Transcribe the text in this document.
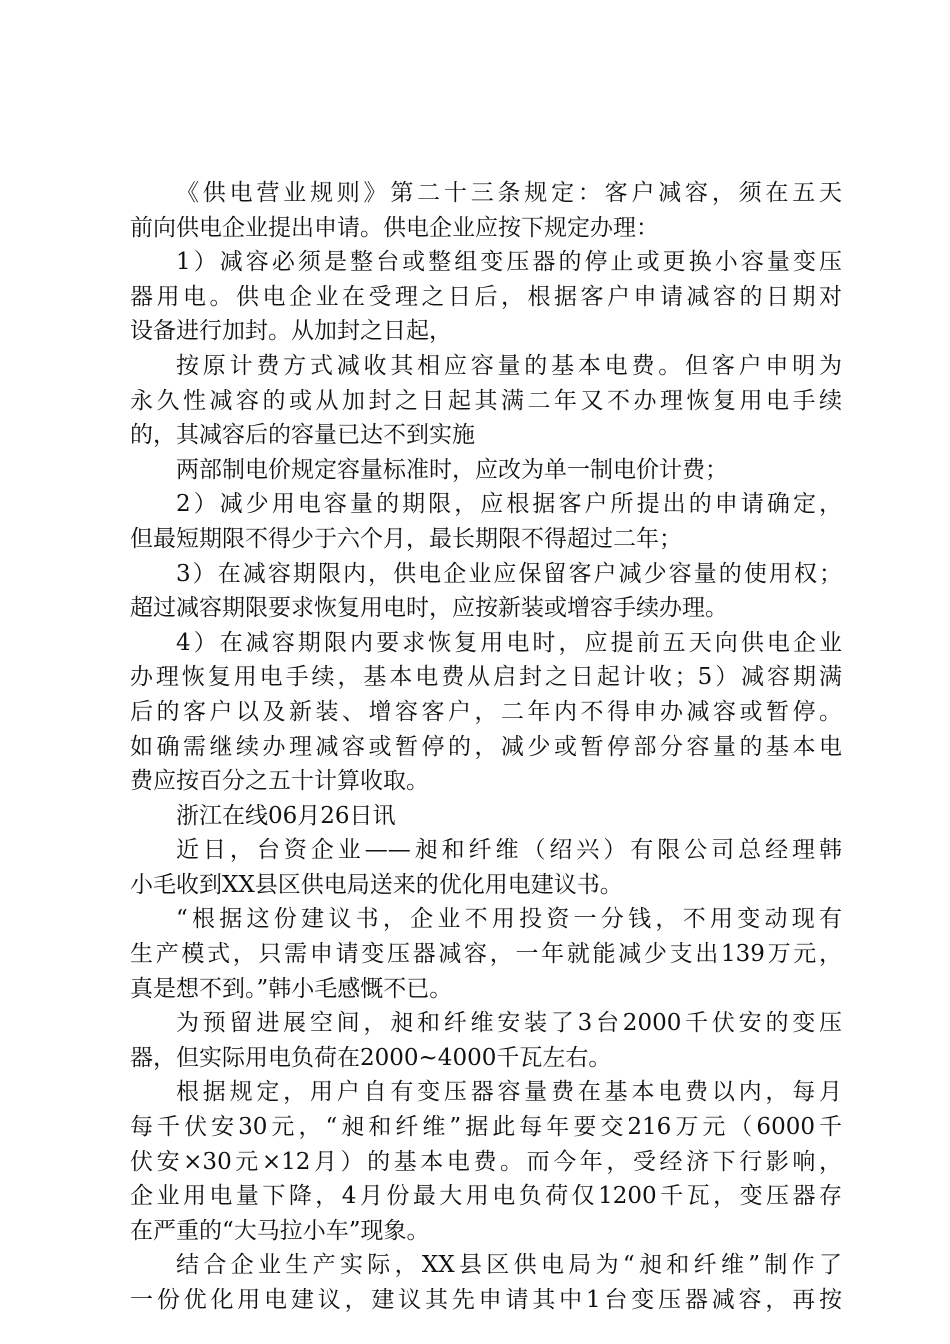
《供电营业规则》第二十三条规定：客户减容，须在五天
前向供电企业提出申请。供电企业应按下规定办理：
1）减容必须是整台或整组变压器的停止或更换小容量变压
器用电。供电企业在受理之日后，根据客户申请减容的日期对
设备进行加封。从加封之日起，
按原计费方式减收其相应容量的基本电费。但客户申明为
永久性减容的或从加封之日起其满二年又不办理恢复用电手续
的，其减容后的容量已达不到实施
两部制电价规定容量标准时，应改为单一制电价计费；
2）减少用电容量的期限，应根据客户所提出的申请确定，
但最短期限不得少于六个月，最长期限不得超过二年；
3）在减容期限内，供电企业应保留客户减少容量的使用权；
超过减容期限要求恢复用电时，应按新装或增容手续办理。
4）在减容期限内要求恢复用电时，应提前五天向供电企业
办理恢复用电手续，基本电费从启封之日起计收；5）减容期满
后的客户以及新装、增容客户，二年内不得申办减容或暂停。
如确需继续办理减容或暂停的，减少或暂停部分容量的基本电
费应按百分之五十计算收取。
浙江在线06月26日讯
近日，台资企业——昶和纤维（绍兴）有限公司总经理韩
小毛收到XX县区供电局送来的优化用电建议书。
“根据这份建议书，企业不用投资一分钱，不用变动现有
生产模式，只需申请变压器减容，一年就能减少支出139万元，
真是想不到。”韩小毛感慨不已。
为预留进展空间，昶和纤维安装了3台2000千伏安的变压
器，但实际用电负荷在2000~4000千瓦左右。
根据规定，用户自有变压器容量费在基本电费以内，每月
每千伏安30元，“昶和纤维”据此每年要交216万元（6000千
伏安×30元×12月）的基本电费。而今年，受经济下行影响，
企业用电量下降，4月份最大用电负荷仅1200千瓦，变压器存
在严重的“大马拉小车”现象。
结合企业生产实际，XX县区供电局为“昶和纤维”制作了
一份优化用电建议，建议其先申请其中1台变压器减容，再按
